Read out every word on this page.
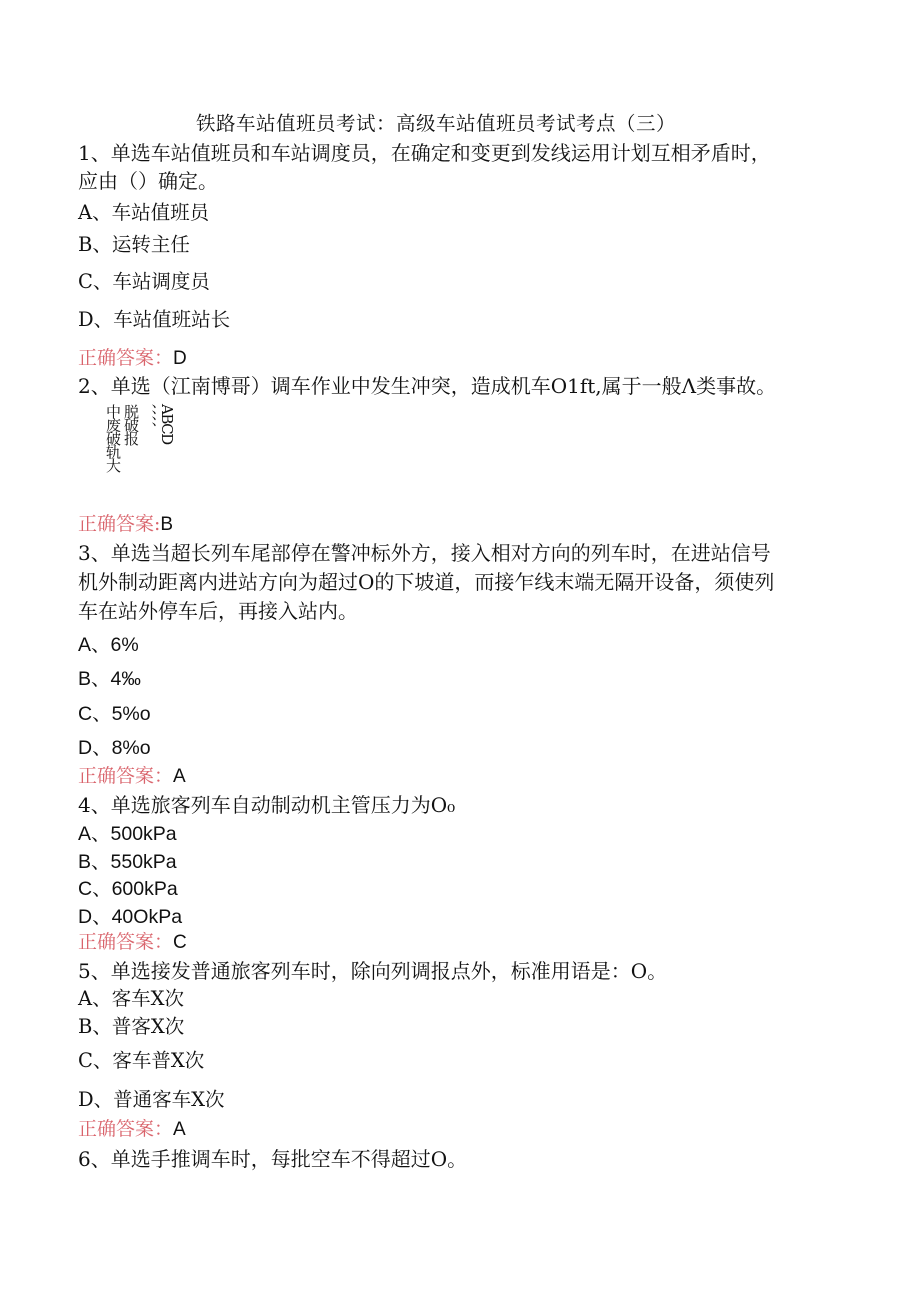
铁路车站值班员考试：高级车站值班员考试考点（三）
1、单选车站值班员和车站调度员，在确定和变更到发线运用计划互相矛盾时，
应由（）确定。
A、车站值班员
B、运转主任
C、车站调度员
D、车站值班站长
正确答案：D
2、单选（江南博哥）调车作业中发生冲突，造成机车O1ft,属于一般Λ类事故。
中废破轨大 脱破报 、、、、 ABCD
正确答案:B
3、单选当超长列车尾部停在警冲标外方，接入相对方向的列车时，在进站信号
机外制动距离内进站方向为超过O的下坡道，而接乍线末端无隔开设备，须使列
车在站外停车后，再接入站内。
A、6%
B、4‰
C、5%o
D、8%o
正确答案：A
4、单选旅客列车自动制动机主管压力为O₀
A、500kPa
B、550kPa
C、600kPa
D、40OkPa
正确答案：C
5、单选接发普通旅客列车时，除向列调报点外，标准用语是：O。
A、客车X次
B、普客X次
C、客车普X次
D、普通客车X次
正确答案：A
6、单选手推调车时，每批空车不得超过O。
